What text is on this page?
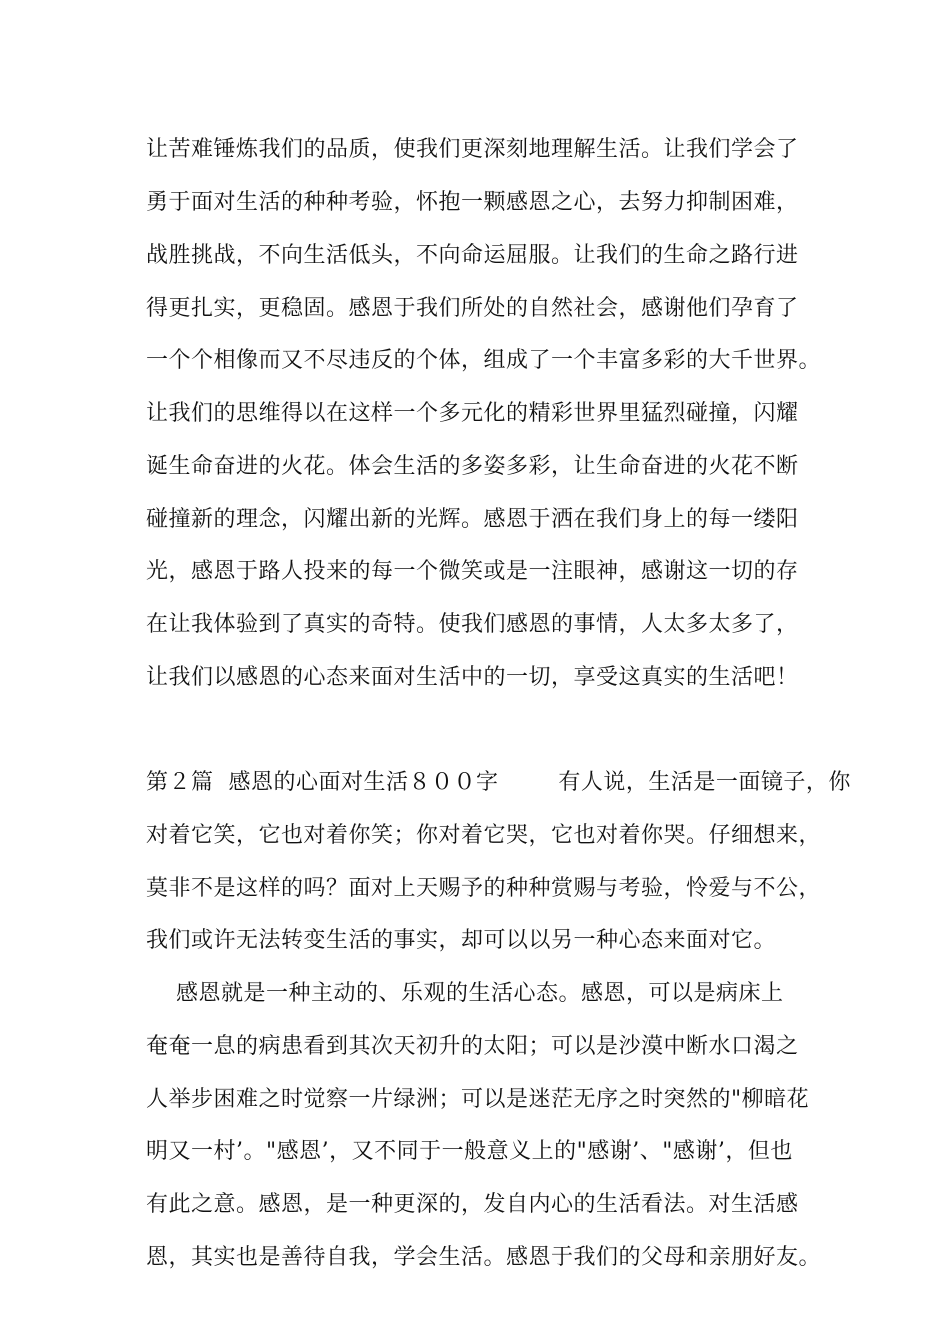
让苦难锤炼我们的品质，使我们更深刻地理解生活。让我们学会了
勇于面对生活的种种考验，怀抱一颗感恩之心，去努力抑制困难，
战胜挑战，不向生活低头，不向命运屈服。让我们的生命之路行进
得更扎实，更稳固。感恩于我们所处的自然社会，感谢他们孕育了
一个个相像而又不尽违反的个体，组成了一个丰富多彩的大千世界。
让我们的思维得以在这样一个多元化的精彩世界里猛烈碰撞，闪耀
诞生命奋进的火花。体会生活的多姿多彩，让生命奋进的火花不断
碰撞新的理念，闪耀出新的光辉。感恩于洒在我们身上的每一缕阳
光，感恩于路人投来的每一个微笑或是一注眼神，感谢这一切的存
在让我体验到了真实的奇特。使我们感恩的事情，人太多太多了，
让我们以感恩的心态来面对生活中的一切，享受这真实的生活吧！
第２篇  感恩的心面对生活８００字        有人说，生活是一面镜子，你
对着它笑，它也对着你笑；你对着它哭，它也对着你哭。仔细想来，
莫非不是这样的吗？面对上天赐予的种种赏赐与考验，怜爱与不公，
我们或许无法转变生活的事实，却可以以另一种心态来面对它。
感恩就是一种主动的、乐观的生活心态。感恩，可以是病床上
奄奄一息的病患看到其次天初升的太阳；可以是沙漠中断水口渴之
人举步困难之时觉察一片绿洲；可以是迷茫无序之时突然的"柳暗花
明又一村’。"感恩’，又不同于一般意义上的"感谢’、"感谢’，但也
有此之意。感恩，是一种更深的，发自内心的生活看法。对生活感
恩，其实也是善待自我，学会生活。感恩于我们的父母和亲朋好友。
